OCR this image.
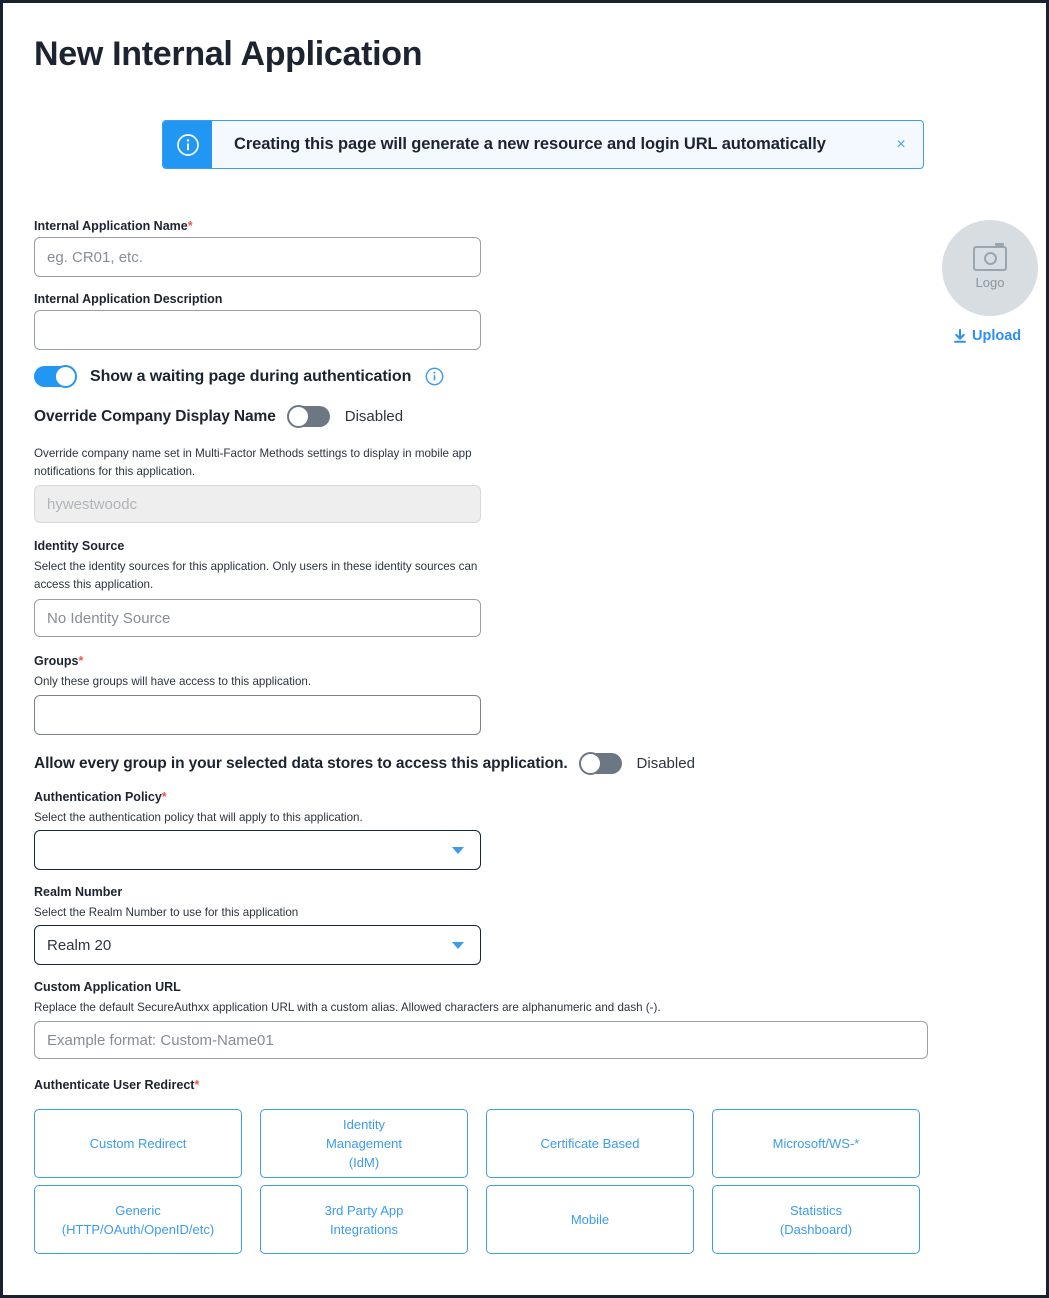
New Internal Application
Creating this page will generate a new resource and login URL automatically	×
Logo
Upload
Internal Application Name*
eg. CR01, etc.
Internal Application Description
Show a waiting page during authentication
Override Company Display Name	Disabled
Override company name set in Multi-Factor Methods settings to display in mobile app notifications for this application.
hywestwoodc
Identity Source
Select the identity sources for this application. Only users in these identity sources can access this application.
No Identity Source
Groups*
Only these groups will have access to this application.
Allow every group in your selected data stores to access this application.	Disabled
Authentication Policy*
Select the authentication policy that will apply to this application.
Realm Number
Select the Realm Number to use for this application
Realm 20
Custom Application URL
Replace the default SecureAuthxx application URL with a custom alias. Allowed characters are alphanumeric and dash (-).
Example format: Custom-Name01
Authenticate User Redirect*
Custom Redirect
Identity
Management
(IdM)
Certificate Based	Microsoft/WS-*
Generic
(HTTP/OAuth/OpenID/etc)
3rd Party App
Integrations
Mobile
Statistics
(Dashboard)
